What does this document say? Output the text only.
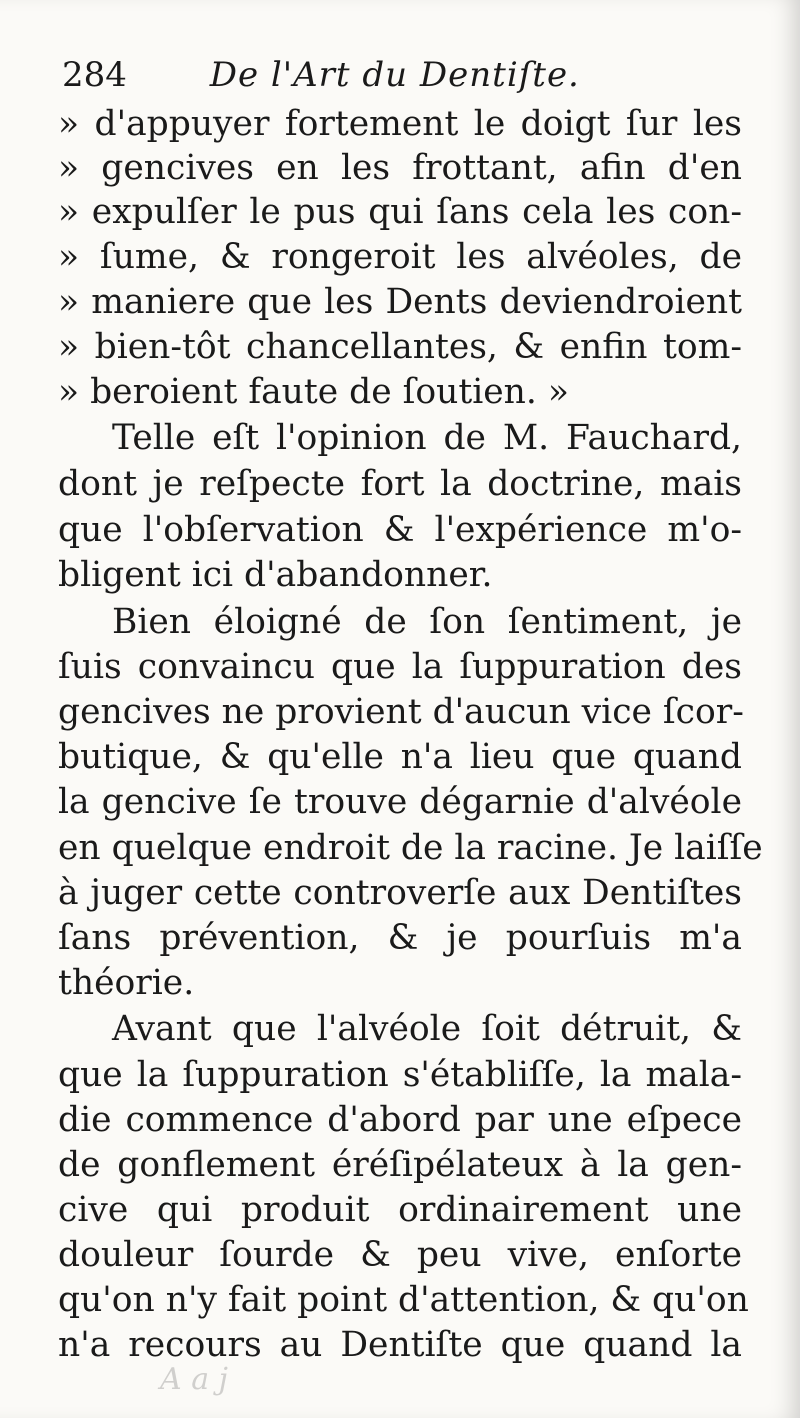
284 De l'Art du Dentiſte.
» d'appuyer fortement le doigt ſur les
» gencives en les frottant, afin d'en
» expulſer le pus qui ſans cela les con-
» ſume, & rongeroit les alvéoles, de
» maniere que les Dents deviendroient
» bien-tôt chancellantes, & enfin tom-
» beroient faute de ſoutien. »
Telle eſt l'opinion de M. Fauchard,
dont je reſpecte fort la doctrine, mais
que l'obſervation & l'expérience m'o-
bligent ici d'abandonner.
Bien éloigné de ſon ſentiment, je
ſuis convaincu que la ſuppuration des
gencives ne provient d'aucun vice ſcor-
butique, & qu'elle n'a lieu que quand
la gencive ſe trouve dégarnie d'alvéole
en quelque endroit de la racine. Je laiſſe
à juger cette controverſe aux Dentiſtes
ſans prévention, & je pourſuis m'a
théorie.
Avant que l'alvéole ſoit détruit, &
que la ſuppuration s'établiſſe, la mala-
die commence d'abord par une eſpece
de gonflement éréſipélateux à la gen-
cive qui produit ordinairement une
douleur ſourde & peu vive, enſorte
qu'on n'y fait point d'attention, & qu'on
n'a recours au Dentiſte que quand la
A a j
